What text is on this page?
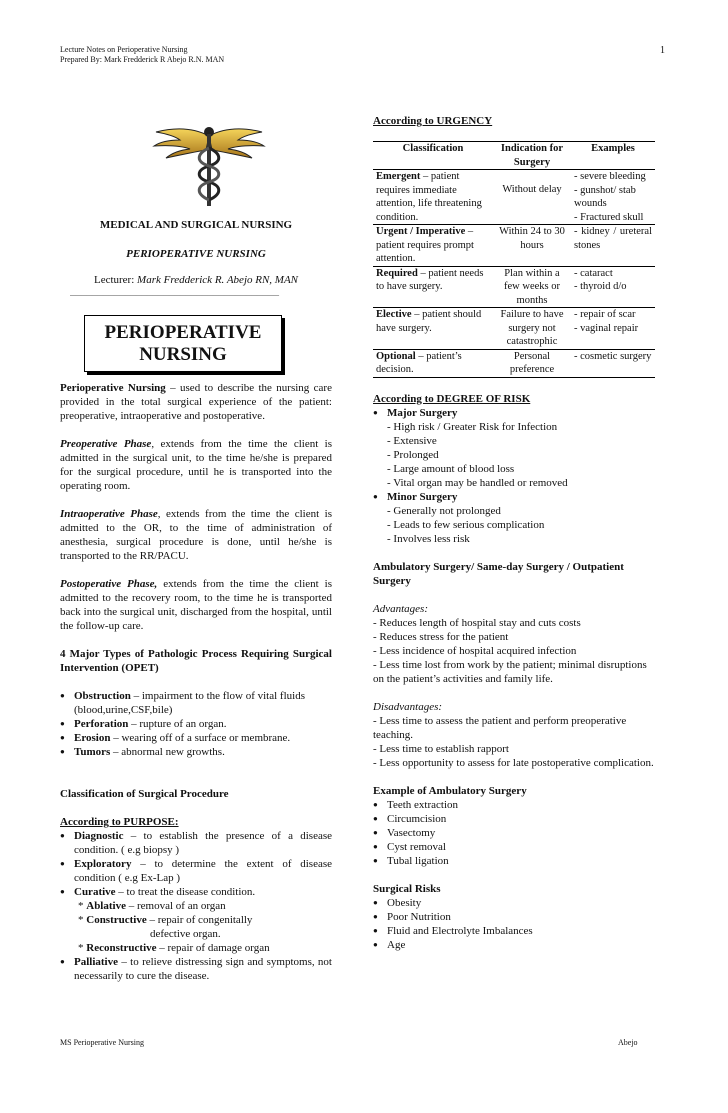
Lecture Notes on Perioperative Nursing
Prepared By: Mark Fredderick R Abejo R.N. MAN
1
MEDICAL AND SURGICAL NURSING
PERIOPERATIVE NURSING
Lecturer: Mark Fredderick R. Abejo RN, MAN
______________________________________
PERIOPERATIVE
NURSING

Perioperative Nursing – used to describe the nursing care provided in the total surgical experience of the patient: preoperative, intraoperative and postoperative.

Preoperative Phase, extends from the time the client is admitted in the surgical unit, to the time he/she is prepared for the surgical procedure, until he is transported into the operating room.

Intraoperative Phase, extends from the time the client is admitted to the OR, to the time of administration of anesthesia, surgical procedure is done, until he/she is transported to the RR/PACU.

Postoperative Phase, extends from the time the client is admitted to the recovery room, to the time he is transported back into the surgical unit, discharged from the hospital, until the follow-up care.

4 Major Types of Pathologic Process Requiring Surgical Intervention (OPET)

● Obstruction – impairment to the flow of vital fluids (blood,urine,CSF,bile)
● Perforation – rupture of an organ.
● Erosion – wearing off of a surface or membrane.
● Tumors – abnormal new growths.

Classification of Surgical Procedure

According to PURPOSE:

● Diagnostic – to establish the presence of a disease condition. ( e.g biopsy )
● Exploratory – to determine the extent of disease condition ( e.g Ex-Lap )
● Curative – to treat the disease condition.
* Ablative – removal of an organ
* Constructive – repair of congenitally
defective organ.
* Reconstructive – repair of damage organ
● Palliative – to relieve distressing sign and symptoms, not necessarily to cure the disease.

According to URGENCY

Classification	Indication for Surgery	Examples
Emergent – patient requires immediate attention, life threatening condition.	Without delay	- severe bleeding
- gunshot/ stab wounds
- Fractured skull

Urgent / Imperative – patient requires prompt attention.	Within 24 to 30 hours	- kidney / ureteral stones
Required – patient needs to have surgery.	Plan within a few weeks or months	- cataract
- thyroid d/o

Elective – patient should have surgery.	Failure to have surgery not catastrophic	- repair of scar
- vaginal repair

Optional – patient’s decision.	Personal preference	- cosmetic surgery

According to DEGREE OF RISK

● Major Surgery
- High risk / Greater Risk for Infection
- Extensive
- Prolonged
- Large amount of blood loss
- Vital organ may be handled or removed
● Minor Surgery
- Generally not prolonged
- Leads to few serious complication
- Involves less risk

Ambulatory Surgery/ Same-day Surgery / Outpatient Surgery

Advantages:

- Reduces length of hospital stay and cuts costs
- Reduces stress for the patient
- Less incidence of hospital acquired infection
- Less time lost from work by the patient; minimal disruptions on the patient’s activities and family life.

Disadvantages:

- Less time to assess the patient and perform preoperative teaching.
- Less time to establish rapport
- Less opportunity to assess for late postoperative complication.

Example of Ambulatory Surgery

● Teeth extraction
● Circumcision
● Vasectomy
● Cyst removal
● Tubal ligation

Surgical Risks

● Obesity
● Poor Nutrition
● Fluid and Electrolyte Imbalances
● Age
MS Perioperative Nursing	Abejo
